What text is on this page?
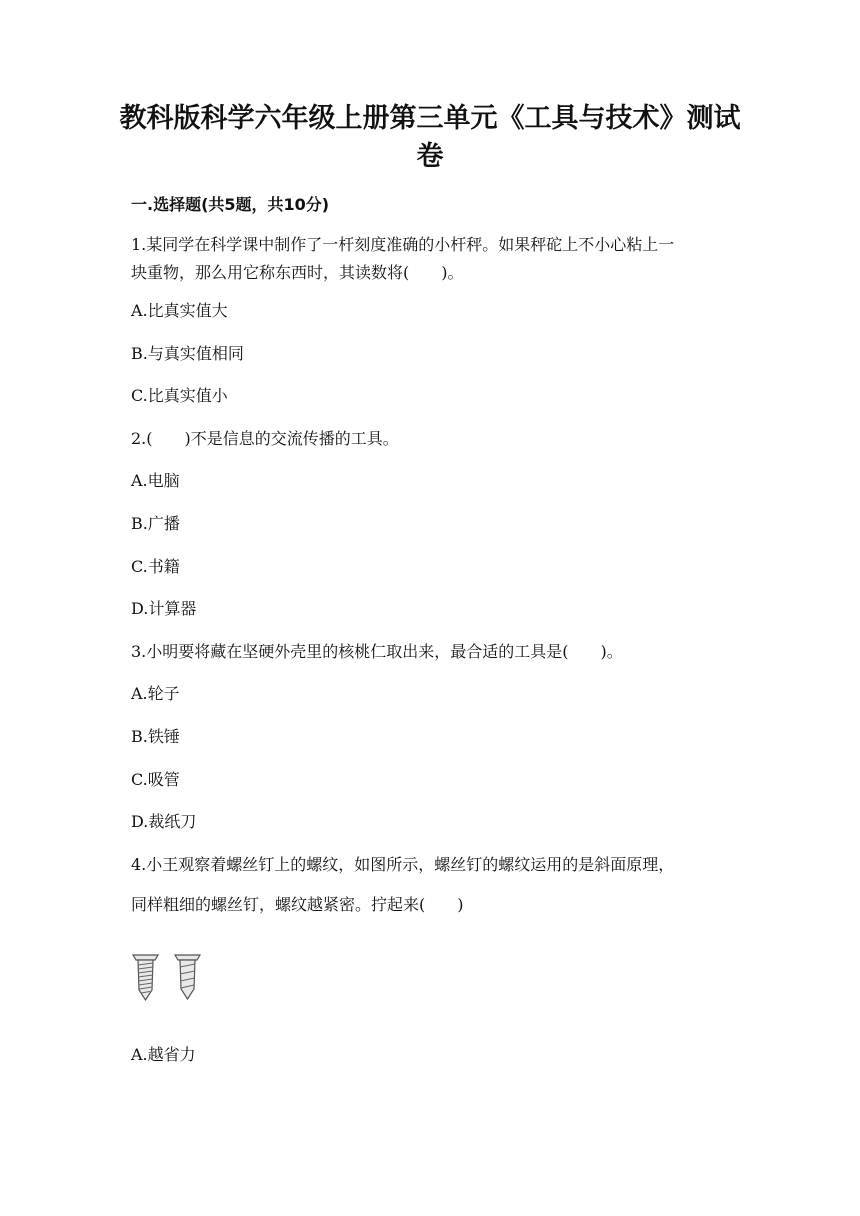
教科版科学六年级上册第三单元《工具与技术》测试卷
一.选择题(共5题，共10分)
1.某同学在科学课中制作了一杆刻度准确的小杆秤。如果秤砣上不小心粘上一
块重物，那么用它称东西时，其读数将(　　)。
A.比真实值大
B.与真实值相同
C.比真实值小
2.(　　)不是信息的交流传播的工具。
A.电脑
B.广播
C.书籍
D.计算器
3.小明要将藏在坚硬外壳里的核桃仁取出来，最合适的工具是(　　)。
A.轮子
B.铁锤
C.吸管
D.裁纸刀
4.小王观察着螺丝钉上的螺纹，如图所示，螺丝钉的螺纹运用的是斜面原理，
同样粗细的螺丝钉，螺纹越紧密。拧起来(　　)
A.越省力
